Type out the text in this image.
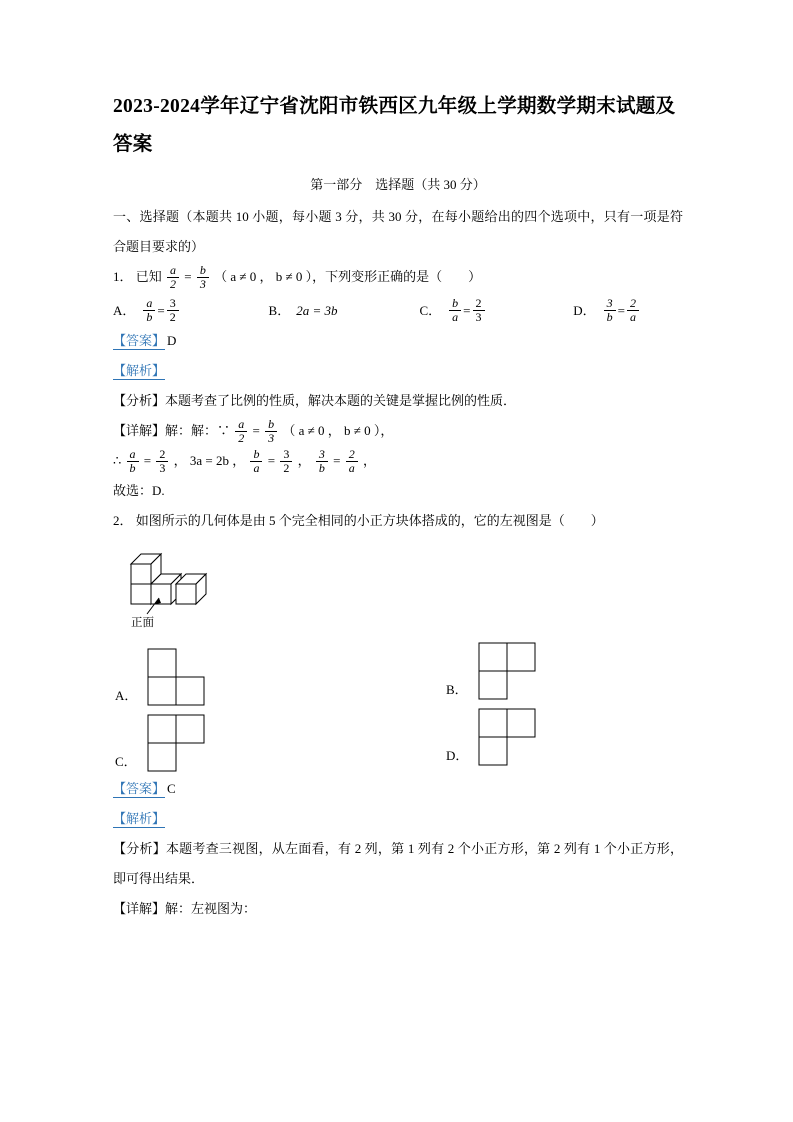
2023-2024学年辽宁省沈阳市铁西区九年级上学期数学期末试题及答案

第一部分　选择题（共 30 分）

一、选择题（本题共 10 小题，每小题 3 分，共 30 分，在每小题给出的四个选项中，只有一项是符合题目要求的）

1． 已知 $\frac{a}{2} = \frac{b}{3}$ （ a ≠ 0 ， b ≠ 0 ），下列变形正确的是（　　）

A． $\frac{a}{b} = \frac{3}{2}$	B． 2a = 3b	C． $\frac{b}{a} = \frac{2}{3}$	D． $\frac{3}{b} = \frac{2}{a}$

【答案】 D

【解析】

【分析】本题考查了比例的性质，解决本题的关键是掌握比例的性质．

【详解】解：解：∵ $\frac{a}{2} = \frac{b}{3}$ （ a ≠ 0 ， b ≠ 0 ），

∴ $\frac{a}{b} = \frac{2}{3}$ ， 3a = 2b ， $\frac{b}{a} = \frac{3}{2}$ ， $\frac{3}{b} = \frac{2}{a}$ ，

故选：D.

2． 如图所示的几何体是由 5 个完全相同的小正方块体搭成的，它的左视图是（　　）

正面
A．	B．
C．	D．

【答案】 C

【解析】

【分析】本题考查三视图，从左面看，有 2 列，第 1 列有 2 个小正方形，第 2 列有 1 个小正方形，即可得出结果．

【详解】解：左视图为：
